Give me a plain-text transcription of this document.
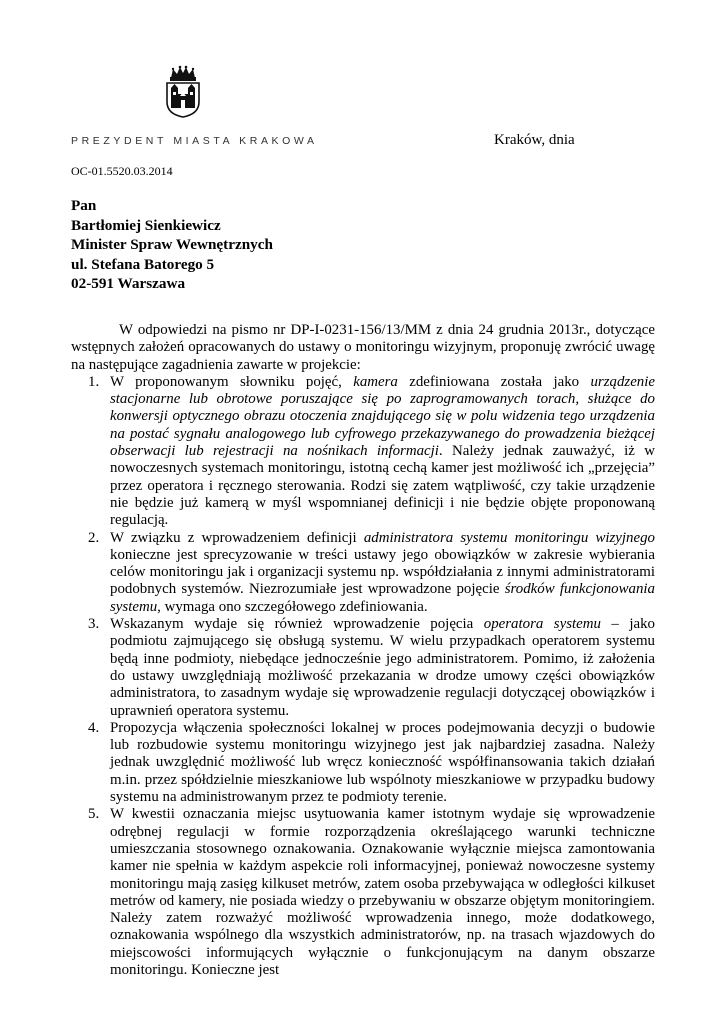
PREZYDENT MIASTA KRAKOWA	Kraków, dnia
OC-01.5520.03.2014
Pan
Bartłomiej Sienkiewicz
Minister Spraw Wewnętrznych
ul. Stefana Batorego 5
02-591 Warszawa

W odpowiedzi na pismo nr DP-I-0231-156/13/MM z dnia 24 grudnia 2013r., dotyczące wstępnych założeń opracowanych do ustawy o monitoringu wizyjnym, proponuję zwrócić uwagę na następujące zagadnienia zawarte w projekcie:

1. W proponowanym słowniku pojęć, kamera zdefiniowana została jako urządzenie stacjonarne lub obrotowe poruszające się po zaprogramowanych torach, służące do konwersji optycznego obrazu otoczenia znajdującego się w polu widzenia tego urządzenia na postać sygnału analogowego lub cyfrowego przekazywanego do prowadzenia bieżącej obserwacji lub rejestracji na nośnikach informacji. Należy jednak zauważyć, iż w nowoczesnych systemach monitoringu, istotną cechą kamer jest możliwość ich „przejęcia” przez operatora i ręcznego sterowania. Rodzi się zatem wątpliwość, czy takie urządzenie nie będzie już kamerą w myśl wspomnianej definicji i nie będzie objęte proponowaną regulacją.
2. W związku z wprowadzeniem definicji administratora systemu monitoringu wizyjnego konieczne jest sprecyzowanie w treści ustawy jego obowiązków w zakresie wybierania celów monitoringu jak i organizacji systemu np. współdziałania z innymi administratorami podobnych systemów. Niezrozumiałe jest wprowadzone pojęcie środków funkcjonowania systemu, wymaga ono szczegółowego zdefiniowania.
3. Wskazanym wydaje się również wprowadzenie pojęcia operatora systemu – jako podmiotu zajmującego się obsługą systemu. W wielu przypadkach operatorem systemu będą inne podmioty, niebędące jednocześnie jego administratorem. Pomimo, iż założenia do ustawy uwzględniają możliwość przekazania w drodze umowy części obowiązków administratora, to zasadnym wydaje się wprowadzenie regulacji dotyczącej obowiązków i uprawnień operatora systemu.
4. Propozycja włączenia społeczności lokalnej w proces podejmowania decyzji o budowie lub rozbudowie systemu monitoringu wizyjnego jest jak najbardziej zasadna. Należy jednak uwzględnić możliwość lub wręcz konieczność współfinansowania takich działań m.in. przez spółdzielnie mieszkaniowe lub wspólnoty mieszkaniowe w przypadku budowy systemu na administrowanym przez te podmioty terenie.
5. W kwestii oznaczania miejsc usytuowania kamer istotnym wydaje się wprowadzenie odrębnej regulacji w formie rozporządzenia określającego warunki techniczne umieszczania stosownego oznakowania. Oznakowanie wyłącznie miejsca zamontowania kamer nie spełnia w każdym aspekcie roli informacyjnej, ponieważ nowoczesne systemy monitoringu mają zasięg kilkuset metrów, zatem osoba przebywająca w odległości kilkuset metrów od kamery, nie posiada wiedzy o przebywaniu w obszarze objętym monitoringiem. Należy zatem rozważyć możliwość wprowadzenia innego, może dodatkowego, oznakowania wspólnego dla wszystkich administratorów, np. na trasach wjazdowych do miejscowości informujących wyłącznie o funkcjonującym na danym obszarze monitoringu. Konieczne jest
